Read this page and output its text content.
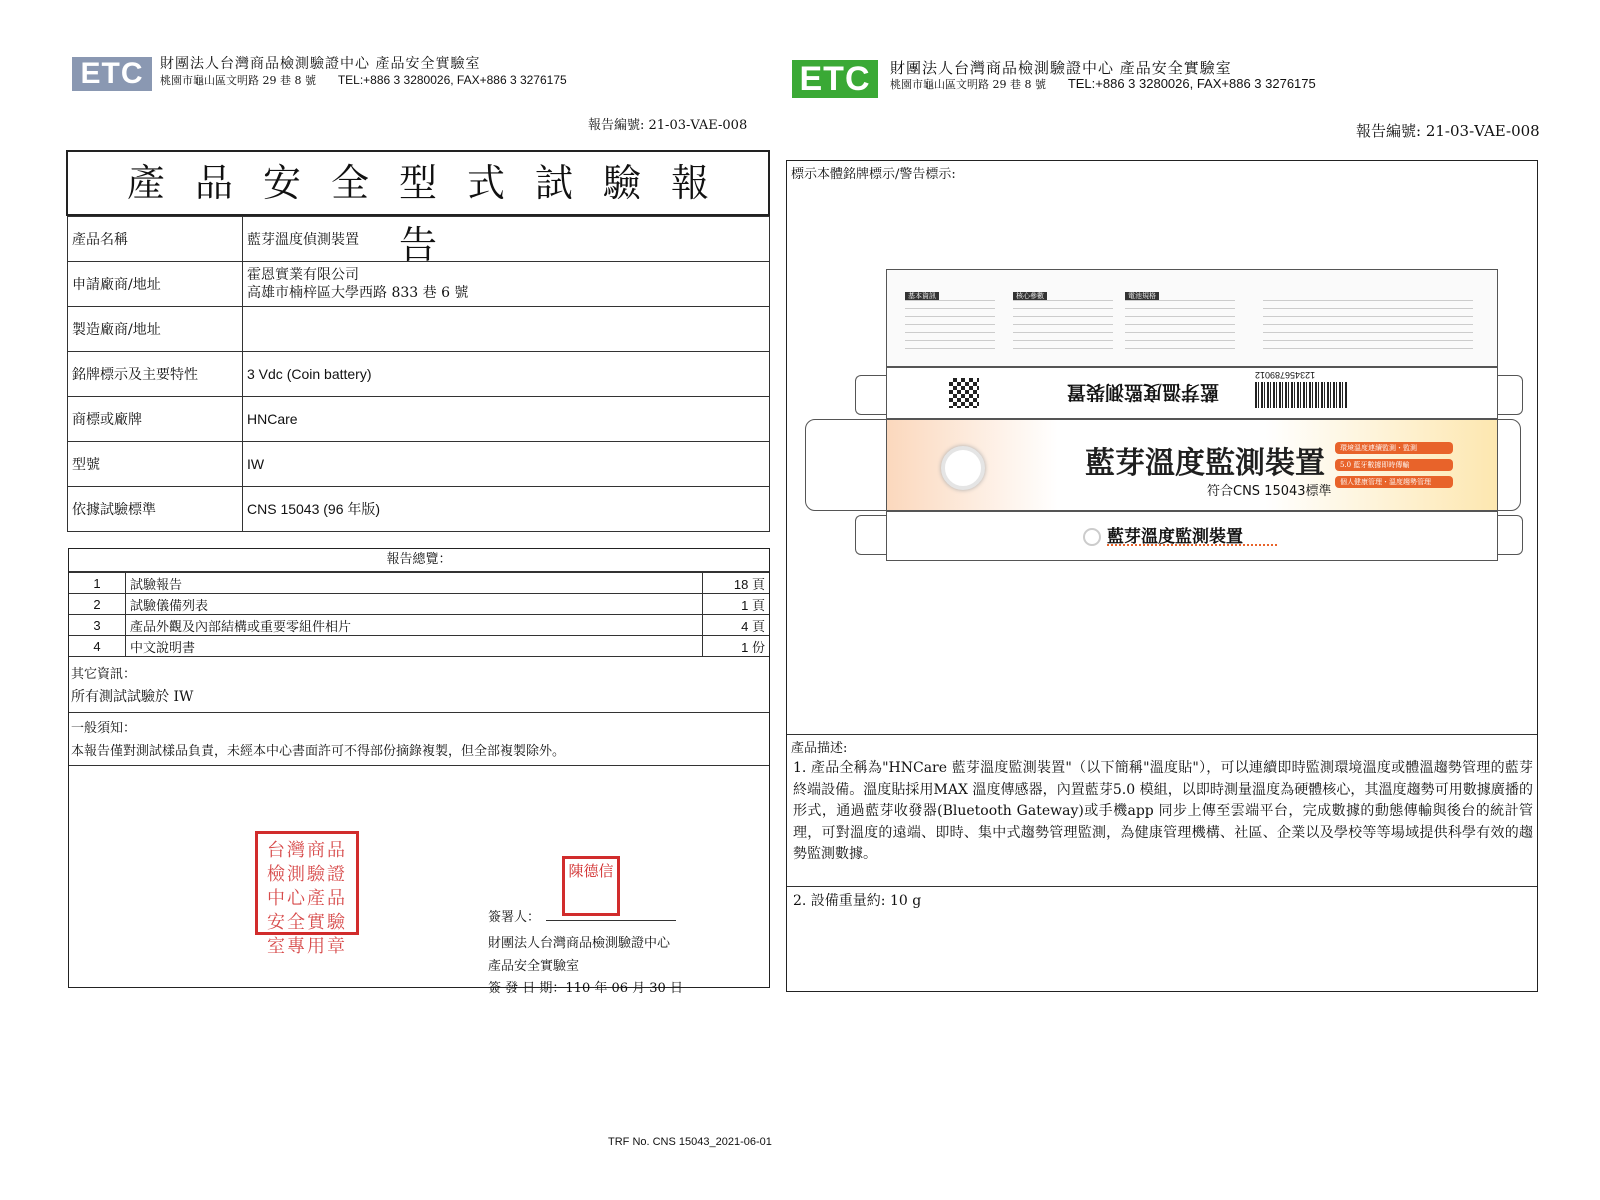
ETC	財團法人台灣商品檢測驗證中心 產品安全實驗室
桃園市龜山區文明路 29 巷 8 號 TEL:+886 3 3280026, FAX+886 3 3276175
報告編號: 21-03-VAE-008
產品安全型式試驗報告
產品名稱	藍芽溫度偵測裝置
申請廠商/地址	霍恩實業有限公司
高雄市楠梓區大學西路 833 巷 6 號

製造廠商/地址	
銘牌標示及主要特性	3 Vdc (Coin battery)
商標或廠牌	HNCare
型號	IW
依據試驗標準	CNS 15043 (96 年版)
報告總覽：
1	試驗報告	18 頁
2	試驗儀備列表	1 頁
3	產品外觀及內部結構或重要零組件相片	4 頁
4	中文說明書	1 份
其它資訊：
所有測試試驗於 IW
一般須知：
本報告僅對測試樣品負責，未經本中心書面許可不得部份摘錄複製，但全部複製除外。
台灣商品檢測驗證中心產品安全實驗室專用章
陳德信
簽署人：
財團法人台灣商品檢測驗證中心
產品安全實驗室
簽 發 日 期：110 年 06 月 30 日
ETC	財團法人台灣商品檢測驗證中心 產品安全實驗室
桃園市龜山區文明路 29 巷 8 號 TEL:+886 3 3280026, FAX+886 3 3276175
報告編號: 21-03-VAE-008
標示本體銘牌標示/警告標示:
基本資訊	核心參數	電池規格
藍芽溫度監測裝置
123456789012
藍芽溫度監測裝置
符合CNS 15043標準
環境溫度連續監測・監測
5.0 藍牙數據即時傳輸
個人健康管理・溫度趨勢管理
藍芽溫度監測裝置
產品描述:
1. 產品全稱為"HNCare 藍芽溫度監測裝置"（以下簡稱"溫度貼"），可以連續即時監測環境溫度或體溫趨勢管理的藍芽終端設備。溫度貼採用MAX 溫度傳感器，內置藍芽5.0 模組，以即時測量溫度為硬體核心，其溫度趨勢可用數據廣播的形式，通過藍芽收發器(Bluetooth Gateway)或手機app 同步上傳至雲端平台，完成數據的動態傳輸與後台的統計管理，可對溫度的遠端、即時、集中式趨勢管理監測，為健康管理機構、社區、企業以及學校等等場域提供科學有效的趨勢監測數據。
2. 設備重量約: 10 g
TRF No. CNS 15043_2021-06-01
